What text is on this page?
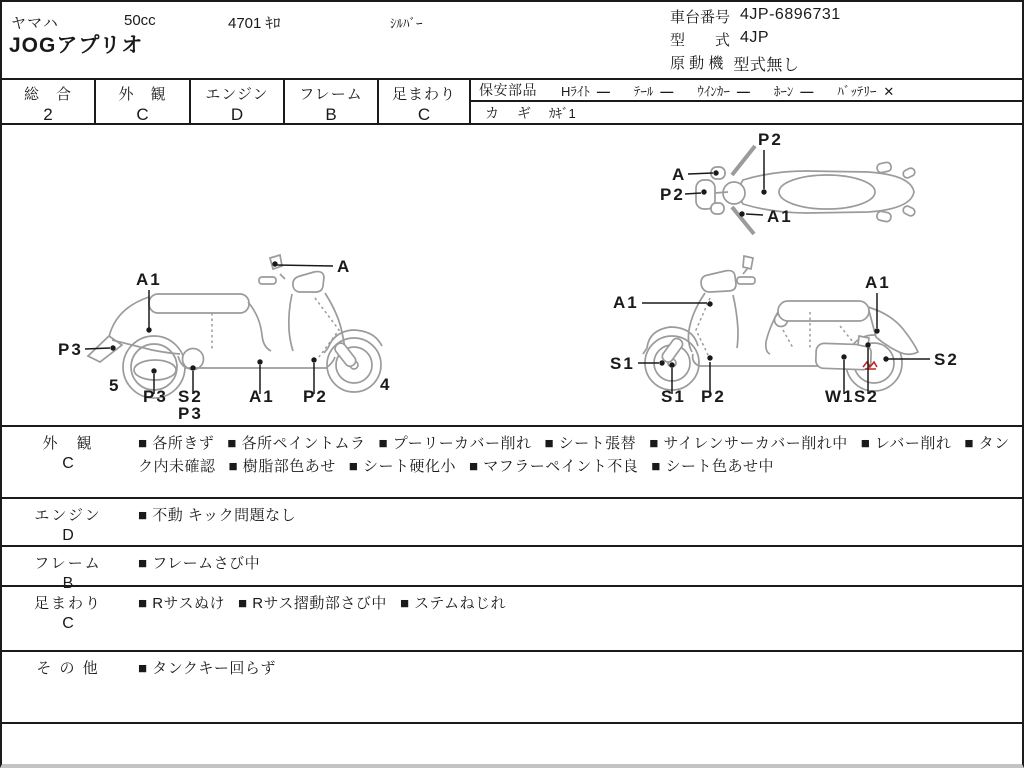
ヤマハ	50cc	4701 ｷﾛ	ｼﾙﾊﾞｰ
JOGアプリオ
車台番号 4JP-6896731
型　　式 4JP
原 動 機 型式無し
総　合
2
外　観
C
エンジン
D
フレーム
B
足まわり
C
保安部品 Hﾗｲﾄ ― ﾃｰﾙ ― ｳｲﾝｶｰ ― ﾎｰﾝ ― ﾊﾞｯﾃﾘｰ ✕
カ　ギ ｶｷﾞ1
P2
A
P2
A1
A1
A
P3
5
P3 S2
P3
A1 P2
4
A1
A1
S1
S1 P2	W1 S2
S2
外　観
C
■ 各所きず ■ 各所ペイントムラ ■ プーリーカバー削れ ■ シート張替 ■ サイレンサーカバー削れ中 ■ レバー削れ ■ タンク内未確認 ■ 樹脂部色あせ ■ シート硬化小 ■ マフラーペイント不良 ■ シート色あせ中
エンジン
D
■ 不動 キック問題なし
フレーム
B
■ フレームさび中
足まわり
C
■ Rサスぬけ ■ Rサス摺動部さび中 ■ ステムねじれ
そ の 他	■ タンクキー回らず
